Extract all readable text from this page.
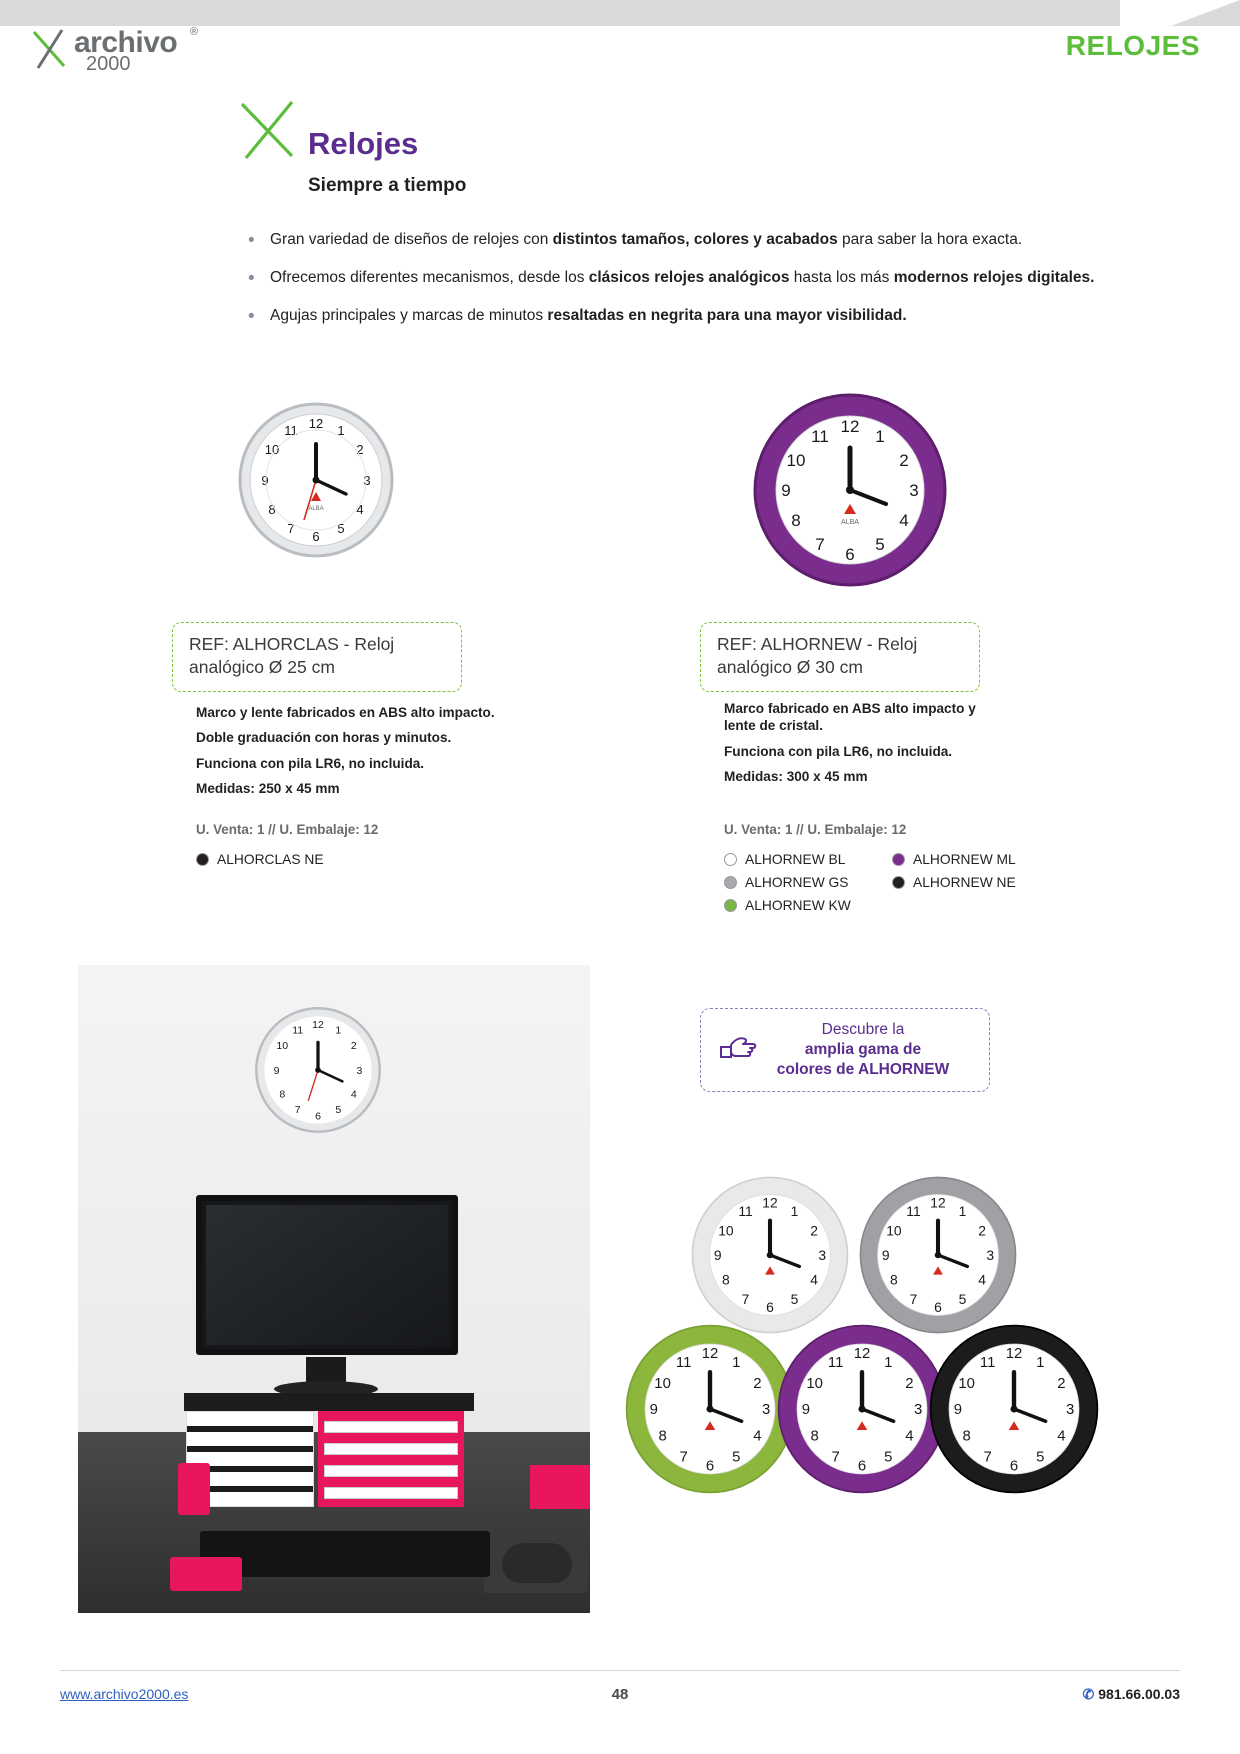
archivo
2000
®	RELOJES
Relojes
Siempre a tiempo
• Gran variedad de diseños de relojes con distintos tamaños, colores y acabados para saber la hora exacta.
• Ofrecemos diferentes mecanismos, desde los clásicos relojes analógicos hasta los más modernos relojes digitales.
• Agujas principales y marcas de minutos resaltadas en negrita para una mayor visibilidad.
12 1
2
3
4
5
6
7
8
9
10
11
ALBA
REF: ALHORCLAS - Reloj analógico Ø 25 cm

Marco y lente fabricados en ABS alto impacto.

Doble graduación con horas y minutos.

Funciona con pila LR6, no incluida.

Medidas: 250 x 45 mm

U. Venta: 1 // U. Embalaje: 12
ALHORCLAS NE
12
1
2
3
4
5
6
7
8
9
10
11
ALBA
REF: ALHORNEW - Reloj analógico Ø 30 cm

Marco fabricado en ABS alto impacto y lente de cristal.

Funciona con pila LR6, no incluida.

Medidas: 300 x 45 mm

U. Venta: 1 // U. Embalaje: 12
ALHORNEW BL	ALHORNEW ML
ALHORNEW GS	ALHORNEW NE
ALHORNEW KW
12 1
2
3
4
5
6
7
8
9
10
11	Descubre la
amplia gama de
colores de ALHORNEW
12
1
2
3
4
5
6
7
8
9
10
11
12
1
2
3
4
5
6
7
8
9
10
11
12
1
2
3
4
5
6
7
8
9
10
11
12
1
2
3
4
5
6
7
8
9
10
11
12
1
2
3
4
5
6
7
8
9
10
11
www.archivo2000.es	48	✆ 981.66.00.03
